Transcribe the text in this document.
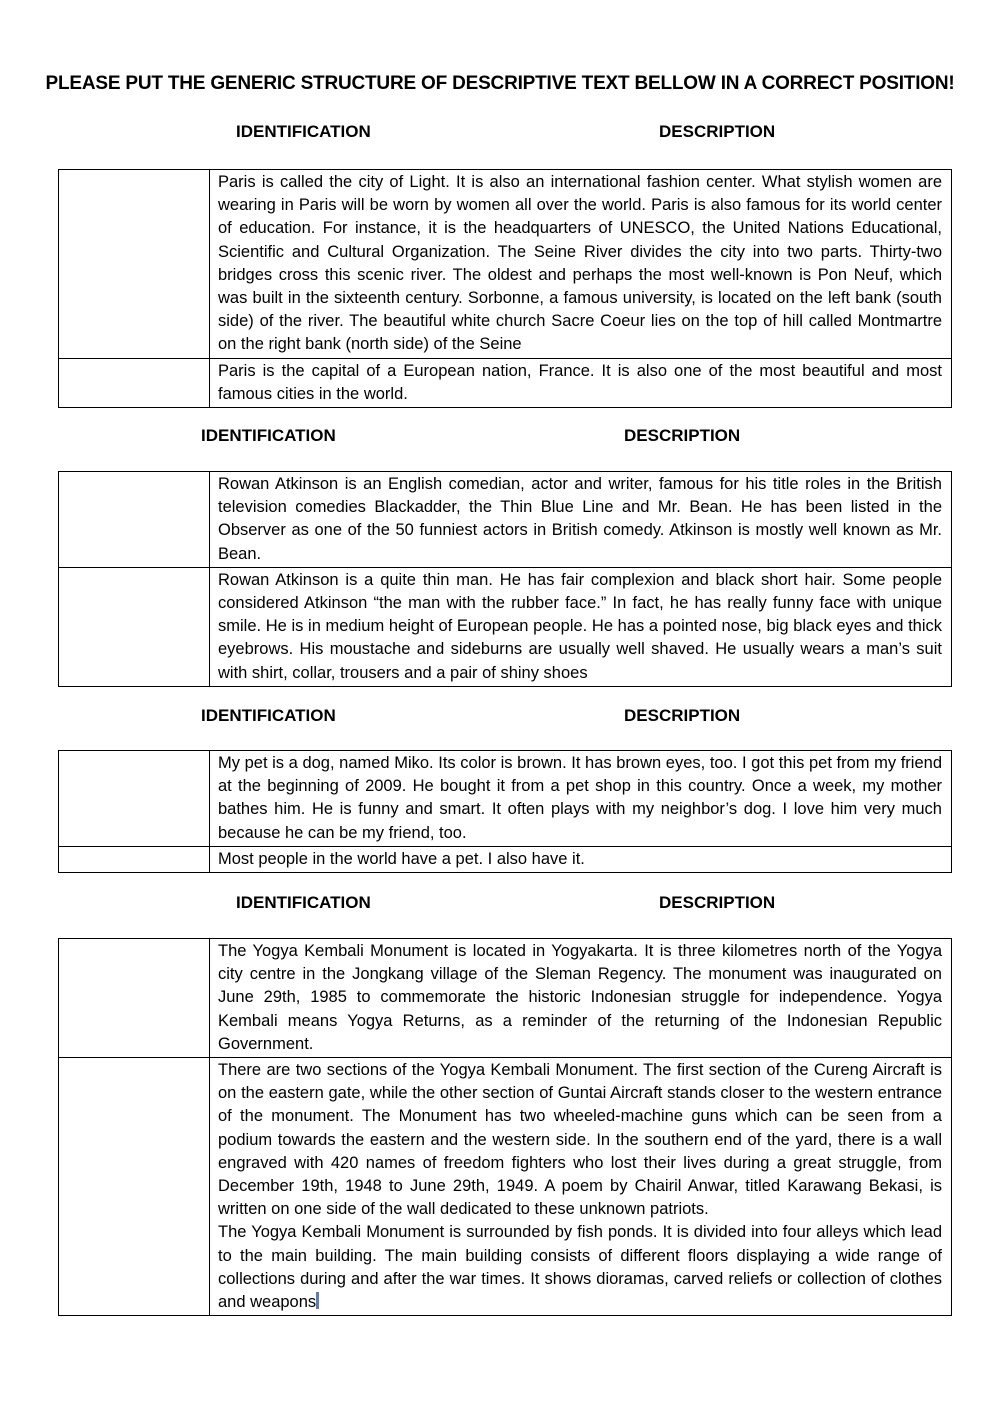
PLEASE PUT THE GENERIC STRUCTURE OF DESCRIPTIVE TEXT BELLOW IN A CORRECT POSITION!
IDENTIFICATION	DESCRIPTION

	Paris is called the city of Light. It is also an international fashion center. What stylish women are wearing in Paris will be worn by women all over the world. Paris is also famous for its world center of education. For instance, it is the headquarters of UNESCO, the United Nations Educational, Scientific and Cultural Organization. The Seine River divides the city into two parts. Thirty-two bridges cross this scenic river. The oldest and perhaps the most well-known is Pon Neuf, which was built in the sixteenth century. Sorbonne, a famous university, is located on the left bank (south side) of the river. The beautiful white church Sacre Coeur lies on the top of hill called Montmartre on the right bank (north side) of the Seine

	Paris is the capital of a European nation, France. It is also one of the most beautiful and most famous cities in the world.
IDENTIFICATION	DESCRIPTION

	Rowan Atkinson is an English comedian, actor and writer, famous for his title roles in the British television comedies Blackadder, the Thin Blue Line and Mr. Bean. He has been listed in the Observer as one of the 50 funniest actors in British comedy. Atkinson is mostly well known as Mr. Bean.

	Rowan Atkinson is a quite thin man. He has fair complexion and black short hair. Some people considered Atkinson “the man with the rubber face.” In fact, he has really funny face with unique smile. He is in medium height of European people. He has a pointed nose, big black eyes and thick eyebrows. His moustache and sideburns are usually well shaved. He usually wears a man’s suit with shirt, collar, trousers and a pair of shiny shoes
IDENTIFICATION	DESCRIPTION

	My pet is a dog, named Miko. Its color is brown. It has brown eyes, too. I got this pet from my friend at the beginning of 2009. He bought it from a pet shop in this country. Once a week, my mother bathes him. He is funny and smart. It often plays with my neighbor’s dog. I love him very much because he can be my friend, too.

	Most people in the world have a pet. I also have it.
IDENTIFICATION	DESCRIPTION

	The Yogya Kembali Monument is located in Yogyakarta. It is three kilometres north of the Yogya city centre in the Jongkang village of the Sleman Regency. The monument was inaugurated on June 29th, 1985 to commemorate the historic Indonesian struggle for independence. Yogya Kembali means Yogya Returns, as a reminder of the returning of the Indonesian Republic Government.

	There are two sections of the Yogya Kembali Monument. The first section of the Cureng Aircraft is on the eastern gate, while the other section of Guntai Aircraft stands closer to the western entrance of the monument. The Monument has two wheeled-machine guns which can be seen from a podium towards the eastern and the western side. In the southern end of the yard, there is a wall engraved with 420 names of freedom fighters who lost their lives during a great struggle, from December 19th, 1948 to June 29th, 1949. A poem by Chairil Anwar, titled Karawang Bekasi, is written on one side of the wall dedicated to these unknown patriots.
The Yogya Kembali Monument is surrounded by fish ponds. It is divided into four alleys which lead to the main building. The main building consists of different floors displaying a wide range of collections during and after the war times. It shows dioramas, carved reliefs or collection of clothes and weapons
